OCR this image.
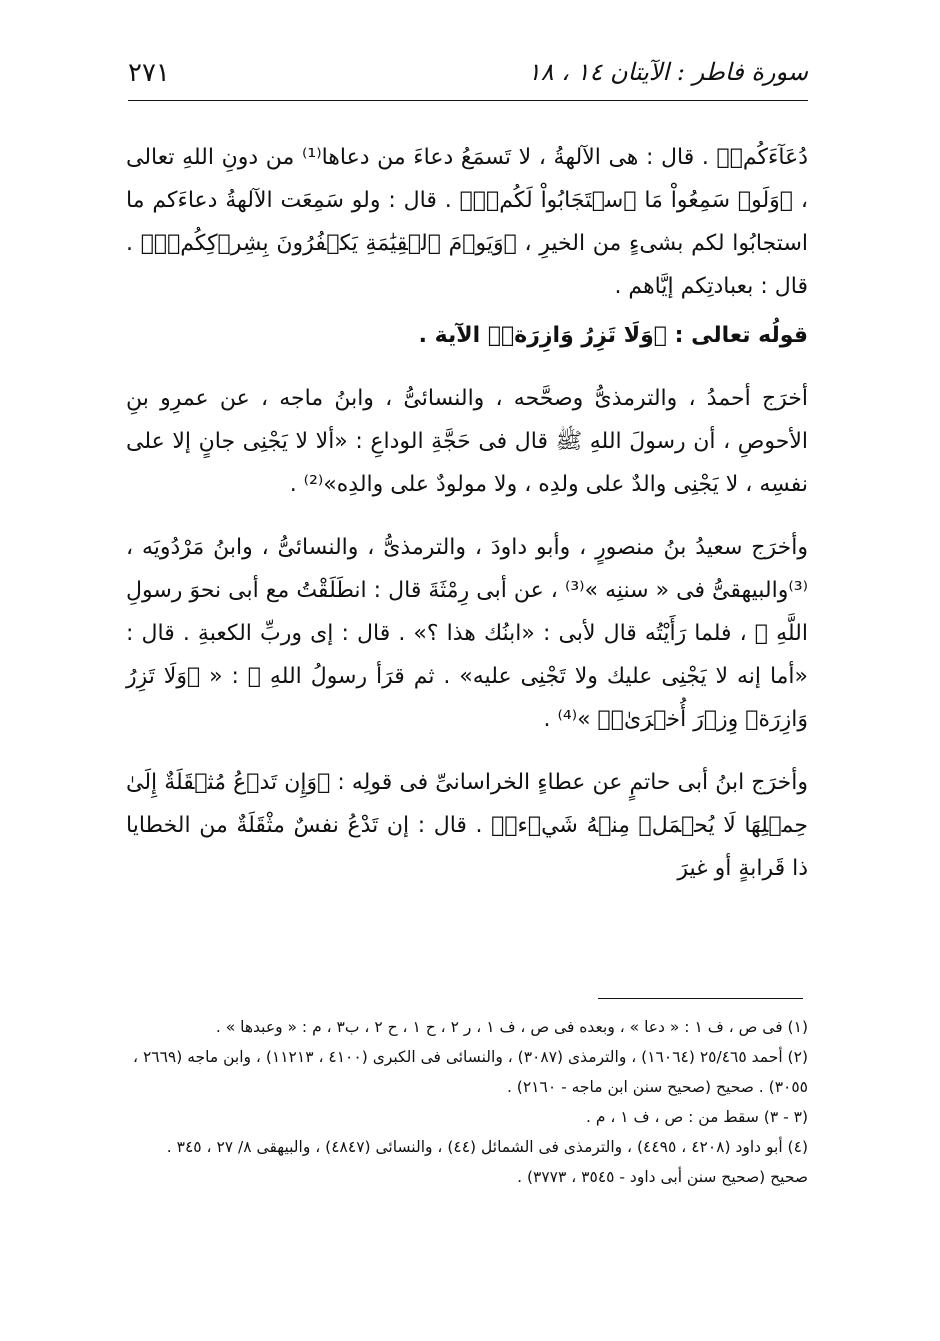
سورة فاطر : الآيتان ١٤ ، ١٨
٢٧١

دُعَآءَكُمۡ﴾ . قال : هى الآلهةُ ، لا تَسمَعُ دعاءَ من دعاها⁽¹⁾ من دونِ اللهِ تعالى ، ﴿وَلَوۡ سَمِعُواْ مَا ٱسۡتَجَابُواْ لَكُمۡۖ﴾ . قال : ولو سَمِعَت الآلهةُ دعاءَكم ما استجابُوا لكم بشىءٍ من الخيرِ ، ﴿وَيَوۡمَ ٱلۡقِيَٰمَةِ يَكۡفُرُونَ بِشِرۡكِكُمۡۚ﴾ . قال : بعبادتِكم إيَّاهم .

قولُه تعالى : ﴿وَلَا تَزِرُ وَازِرَةٞ﴾ الآية .

أخرَج أحمدُ ، والترمذىُّ وصحَّحه ، والنسائىُّ ، وابنُ ماجه ، عن عمرِو بنِ الأحوصِ ، أن رسولَ اللهِ ﷺ قال فى حَجَّةِ الوداعِ : «ألا لا يَجْنِى جانٍ إلا على نفسِه ، لا يَجْنِى والدٌ على ولدِه ، ولا مولودٌ على والدِه»⁽²⁾ .

وأخرَج سعيدُ بنُ منصورٍ ، وأبو داودَ ، والترمذىُّ ، والنسائىُّ ، وابنُ مَرْدُويَه ، ⁽³⁾والبيهقىُّ فى « سننِه »⁽³⁾ ، عن أبى رِمْثَةَ قال : انطَلَقْتُ مع أبى نحوَ رسولِ اللَّهِ ﷺ ، فلما رَأَيْتُه قال لأبى : «ابنُك هذا ؟» . قال : إى وربِّ الكعبةِ . قال : «أما إنه لا يَجْنِى عليك ولا تَجْنِى عليه» . ثم قرَأ رسولُ اللهِ ﷺ : « ﴿وَلَا تَزِرُ وَازِرَةٞ وِزۡرَ أُخۡرَىٰۚ﴾ »⁽⁴⁾ .

وأخرَج ابنُ أبى حاتمٍ عن عطاءٍ الخراسانىِّ فى قولِه : ﴿وَإِن تَدۡعُ مُثۡقَلَةٌ إِلَىٰ حِمۡلِهَا لَا يُحۡمَلۡ مِنۡهُ شَيۡءٞ﴾ . قال : إن تَدْعُ نفسٌ مثْقَلَةٌ من الخطايا ذا قَرابةٍ أو غيرَ

(١) فى ص ، ف ١ : « دعا » ، وبعده فى ص ، ف ١ ، ر ٢ ، ح ١ ، ح ٢ ، ب٣ ، م : « وعبدها » .

(٢) أحمد ٢٥/٤٦٥ (١٦٠٦٤) ، والترمذى (٣٠٨٧) ، والنسائى فى الكبرى (٤١٠٠ ، ١١٢١٣) ، وابن ماجه (٢٦٦٩ ، ٣٠٥٥) . صحيح (صحيح سنن ابن ماجه - ٢١٦٠) .

(٣ - ٣) سقط من : ص ، ف ١ ، م .

(٤) أبو داود (٤٢٠٨ ، ٤٤٩٥) ، والترمذى فى الشمائل (٤٤) ، والنسائى (٤٨٤٧) ، والبيهقى ٨/ ٢٧ ، ٣٤٥ . صحيح (صحيح سنن أبى داود - ٣٥٤٥ ، ٣٧٧٣) .
